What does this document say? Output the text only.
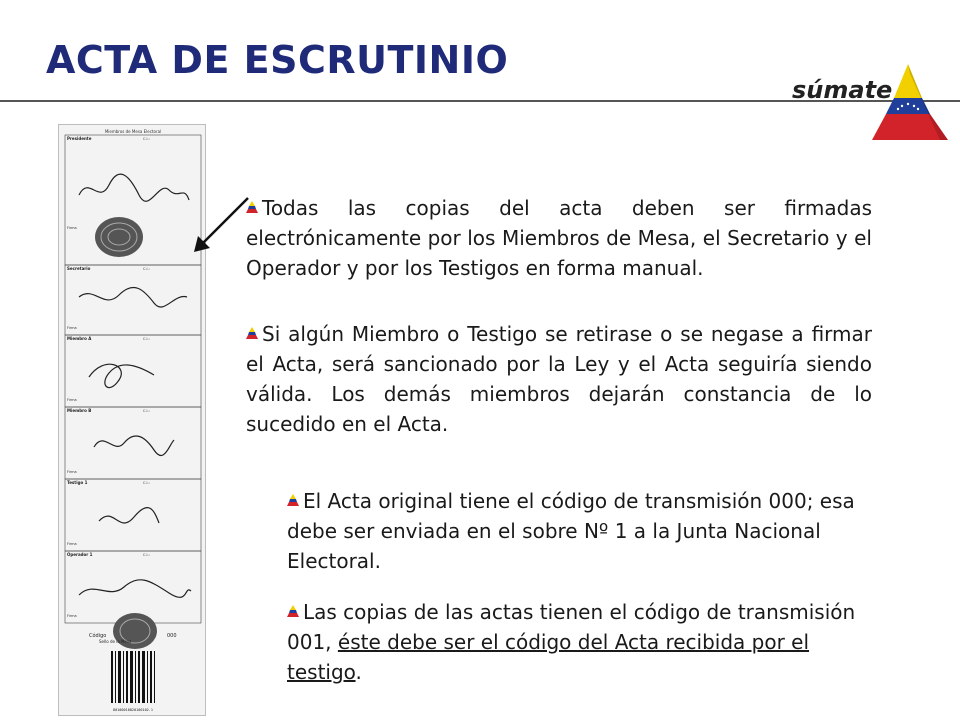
ACTA DE ESCRUTINIO
súmate
Miembros de Mesa Electoral
Presidente
Secretario
Miembro A
Miembro B
Testigo 1
Operador 1
C.I.:
C.I.:
C.I.:
C.I.:
C.I.:
C.I.:
Firma
Firma
Firma
Firma
Firma
Firma
Código	000
Sello de la Mesa
80100010820100102.1
Todas las copias del acta deben ser firmadas electrónicamente por los Miembros de Mesa, el Secretario y el Operador y por los Testigos en forma manual.
Si algún Miembro o Testigo se retirase o se negase a firmar el Acta, será sancionado por la Ley y el Acta seguiría siendo válida. Los demás miembros dejarán constancia de lo sucedido en el Acta.
El Acta original tiene el código de transmisión 000; esa debe ser enviada en el sobre Nº 1 a la Junta Nacional Electoral.
Las copias de las actas tienen el código de transmisión 001, éste debe ser el código del Acta recibida por el testigo.
